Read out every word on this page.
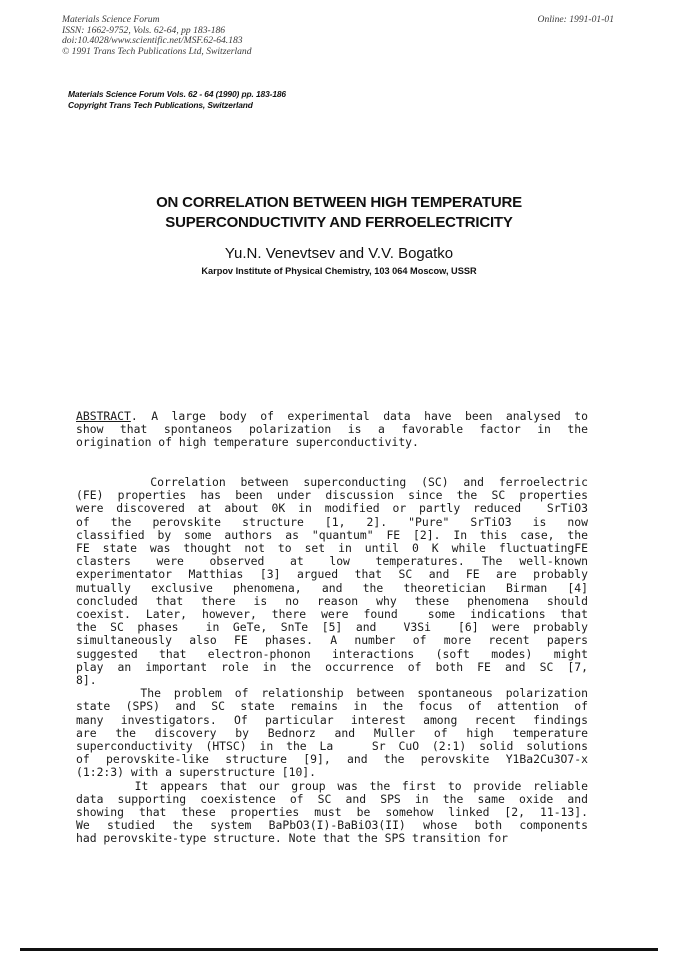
Materials Science Forum
ISSN: 1662-9752, Vols. 62-64, pp 183-186
doi:10.4028/www.scientific.net/MSF.62-64.183
© 1991 Trans Tech Publications Ltd, Switzerland
Online: 1991-01-01
Materials Science Forum Vols. 62 - 64 (1990) pp. 183-186
Copyright Trans Tech Publications, Switzerland
ON CORRELATION BETWEEN HIGH TEMPERATURE
SUPERCONDUCTIVITY AND FERROELECTRICITY
Yu.N. Venevtsev and V.V. Bogatko
Karpov Institute of Physical Chemistry, 103 064 Moscow, USSR
ABSTRACT. A large body of experimental data have been analysed to
show that spontaneos polarization is a favorable factor in the
origination of high temperature superconductivity.
Correlation between superconducting (SC) and ferroelectric
(FE) properties has been under discussion since the SC properties
were discovered at about 0K in modified or partly reduced  SrTiO3
of  the  perovskite  structure  [1,  2].  "Pure"  SrTiO3  is  now
classified by some authors as "quantum" FE [2]. In this case, the
FE state was thought not to set in until 0 K while fluctuatingFE
clasters   were   observed   at   low   temperatures.  The  well-known
experimentator Matthias [3] argued that SC and FE are probably
mutually exclusive phenomena, and the theoretician Birman [4]
concluded that there is no reason why these phenomena should
coexist. Later, however, there were found  some indications that
the SC phases  in GeTe, SnTe [5] and  V3Si  [6] were probably
simultaneously also FE phases. A number of more recent papers
suggested that electron-phonon interactions (soft modes) might
play an important role in the occurrence of both FE and SC [7,
8].
The problem of relationship between spontaneous polarization
state (SPS) and SC state remains in the focus of attention of
many investigators. Of particular interest among recent findings
are  the  discovery  by  Bednorz  and  Muller  of  high  temperature
superconductivity (HTSC) in the La   Sr CuO (2:1) solid solutions
of perovskite-like structure [9], and the perovskite Y1Ba2Cu3O7-x
(1:2:3) with a superstructure [10].
It appears that our group was the first to provide reliable
data supporting coexistence of SC and SPS in the same oxide and
showing that these properties must be somehow linked [2, 11-13].
We studied the system BaPbO3(I)-BaBiO3(II) whose both components
had perovskite-type structure. Note that the SPS transition for
